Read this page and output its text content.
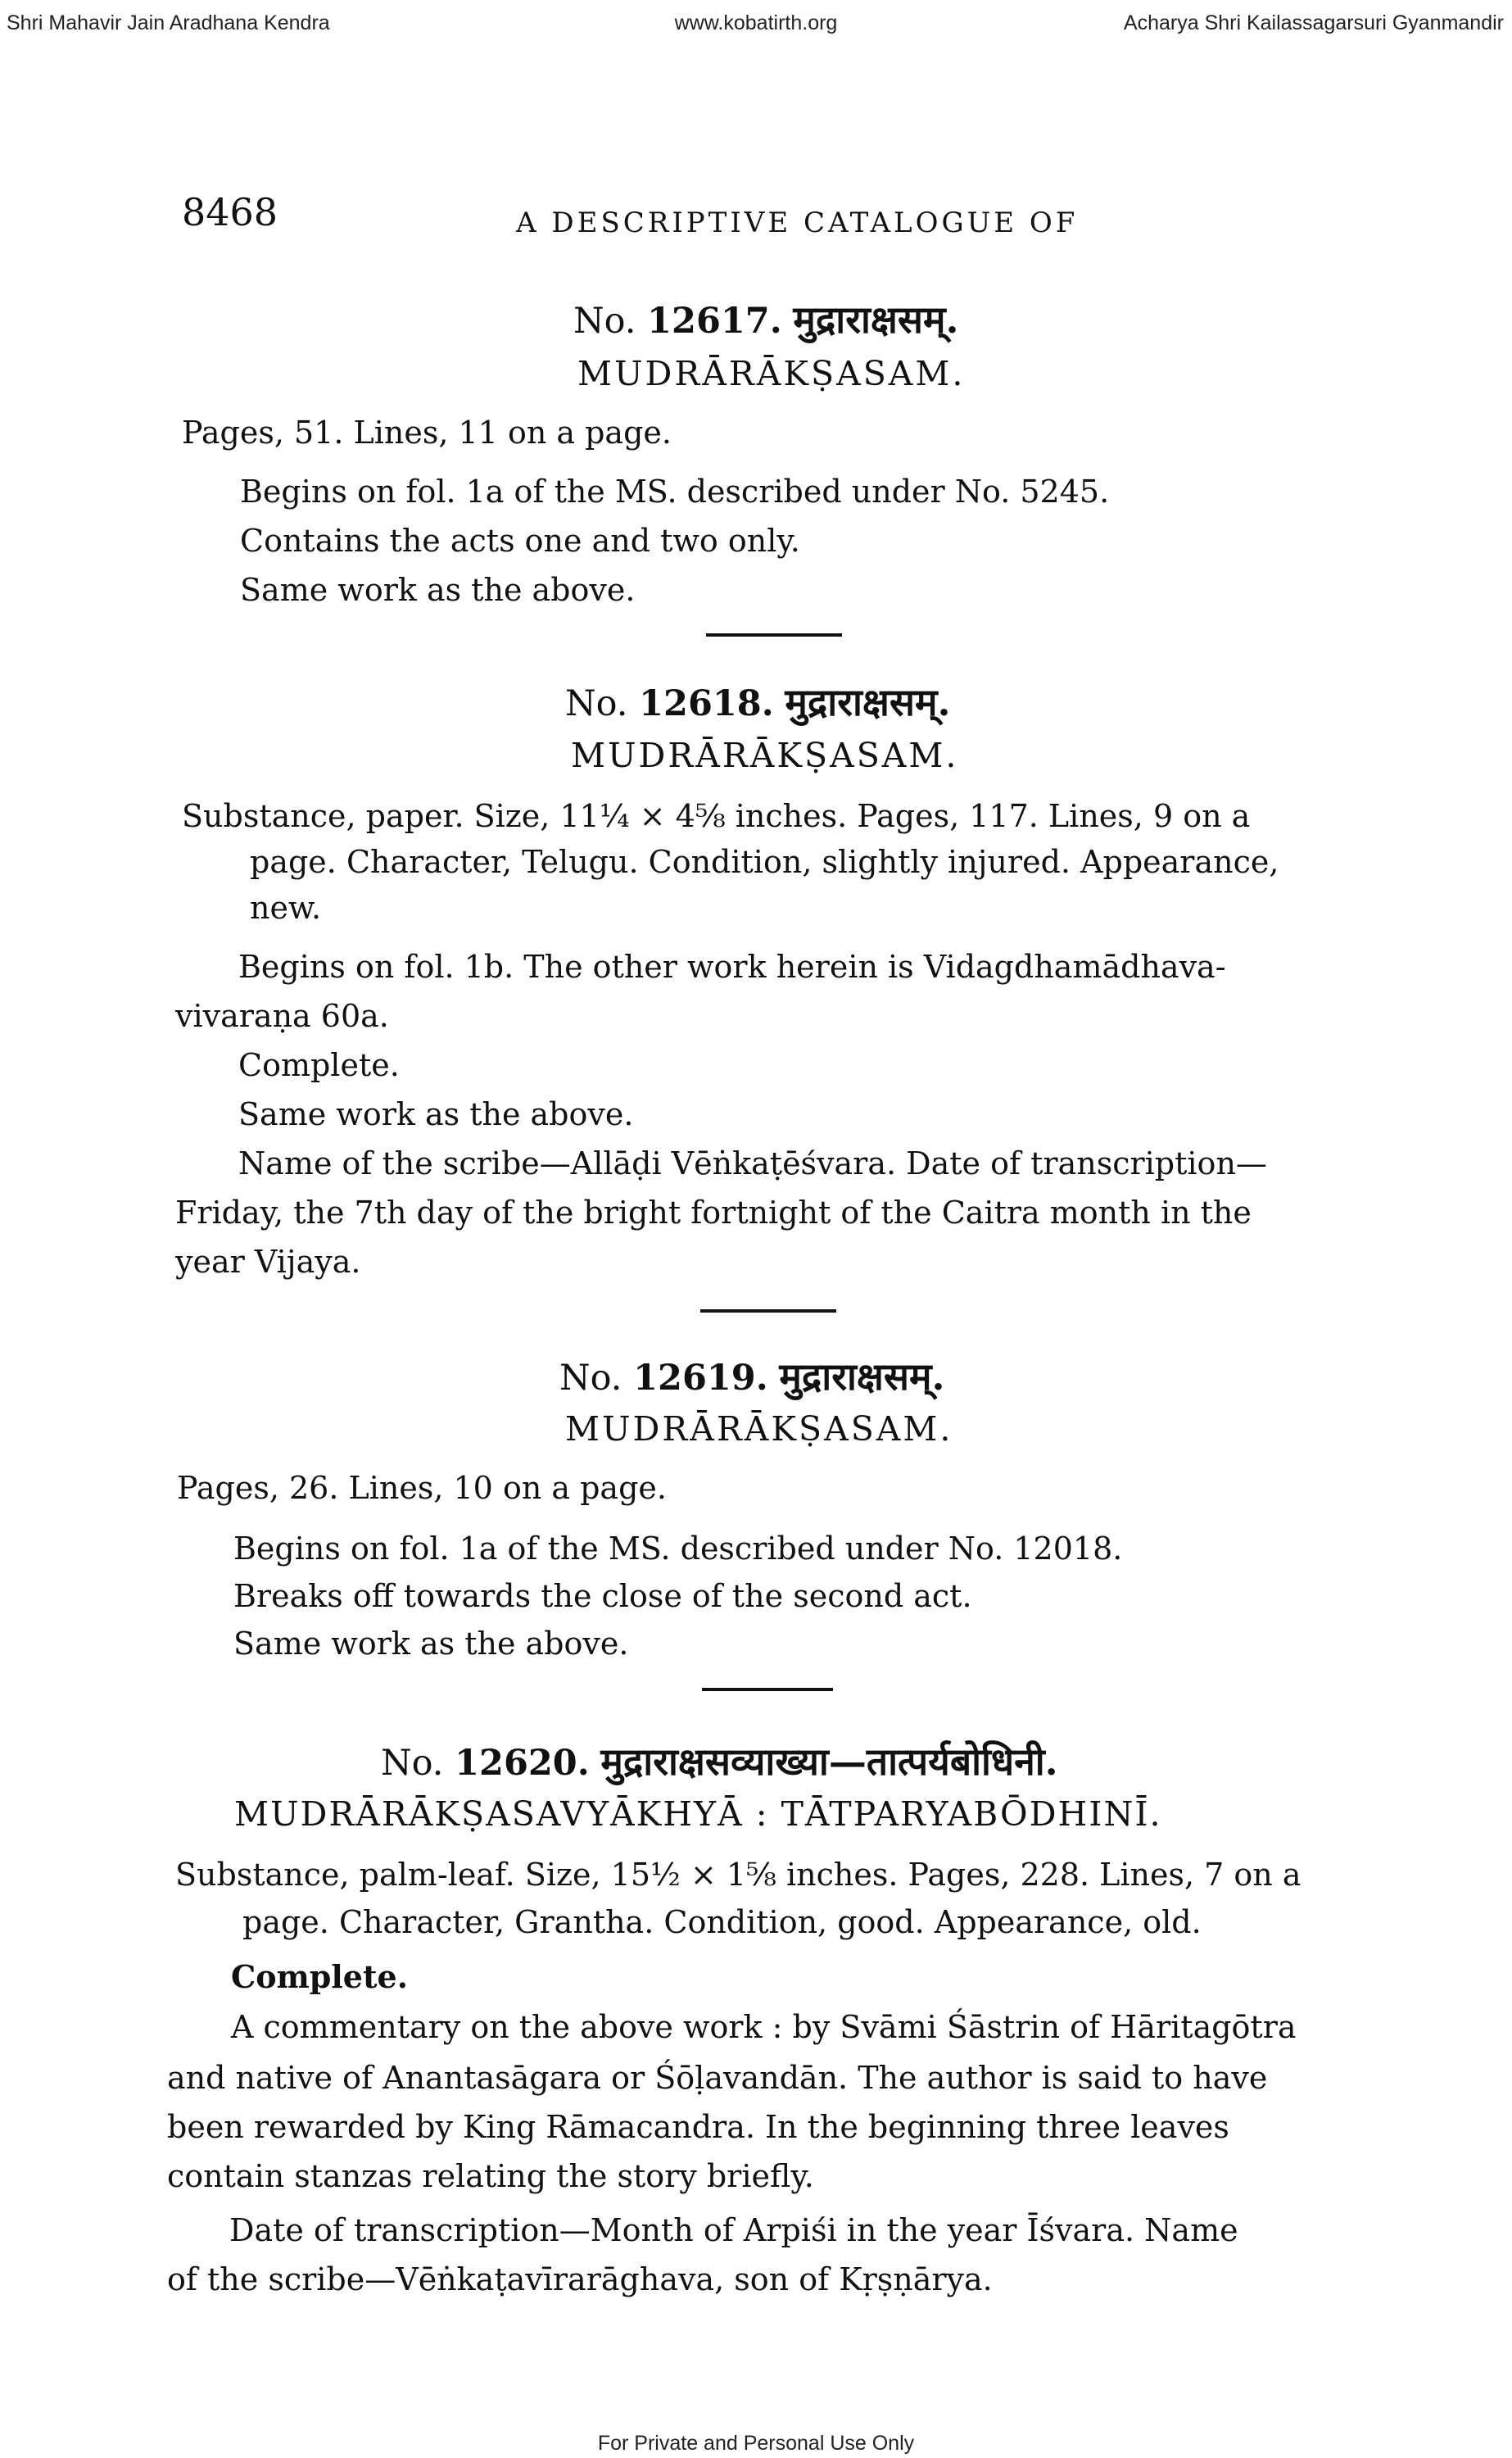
Shri Mahavir Jain Aradhana Kendra	www.kobatirth.org	Acharya Shri Kailassagarsuri Gyanmandir
8468	A DESCRIPTIVE CATALOGUE OF
No. 12617. मुद्राराक्षसम्.
MUDRĀRĀKṢASAM.
Pages, 51. Lines, 11 on a page.
Begins on fol. 1a of the MS. described under No. 5245.
Contains the acts one and two only.
Same work as the above.
No. 12618. मुद्राराक्षसम्.
MUDRĀRĀKṢASAM.
Substance, paper. Size, 11¼ × 4⅝ inches. Pages, 117. Lines, 9 on a
page. Character, Telugu. Condition, slightly injured. Appearance,
new.
Begins on fol. 1b. The other work herein is Vidagdhamādhava-
vivaraṇa 60a.
Complete.
Same work as the above.
Name of the scribe—Allāḍi Vēṅkaṭēśvara. Date of transcription—
Friday, the 7th day of the bright fortnight of the Caitra month in the
year Vijaya.
No. 12619. मुद्राराक्षसम्.
MUDRĀRĀKṢASAM.
Pages, 26. Lines, 10 on a page.
Begins on fol. 1a of the MS. described under No. 12018.
Breaks off towards the close of the second act.
Same work as the above.
No. 12620. मुद्राराक्षसव्याख्या—तात्पर्यबोधिनी.
MUDRĀRĀKṢASAVYĀKHYĀ : TĀTPARYABŌDHINĪ.
Substance, palm-leaf. Size, 15½ × 1⅝ inches. Pages, 228. Lines, 7 on a
page. Character, Grantha. Condition, good. Appearance, old.
Complete.
A commentary on the above work : by Svāmi Śāstrin of Hāritagōtra
and native of Anantasāgara or Śōḷavandān. The author is said to have
been rewarded by King Rāmacandra. In the beginning three leaves
contain stanzas relating the story briefly.
Date of transcription—Month of Arpiśi in the year Īśvara. Name
of the scribe—Vēṅkaṭavīrarāghava, son of Kṛṣṇārya.
For Private and Personal Use Only
